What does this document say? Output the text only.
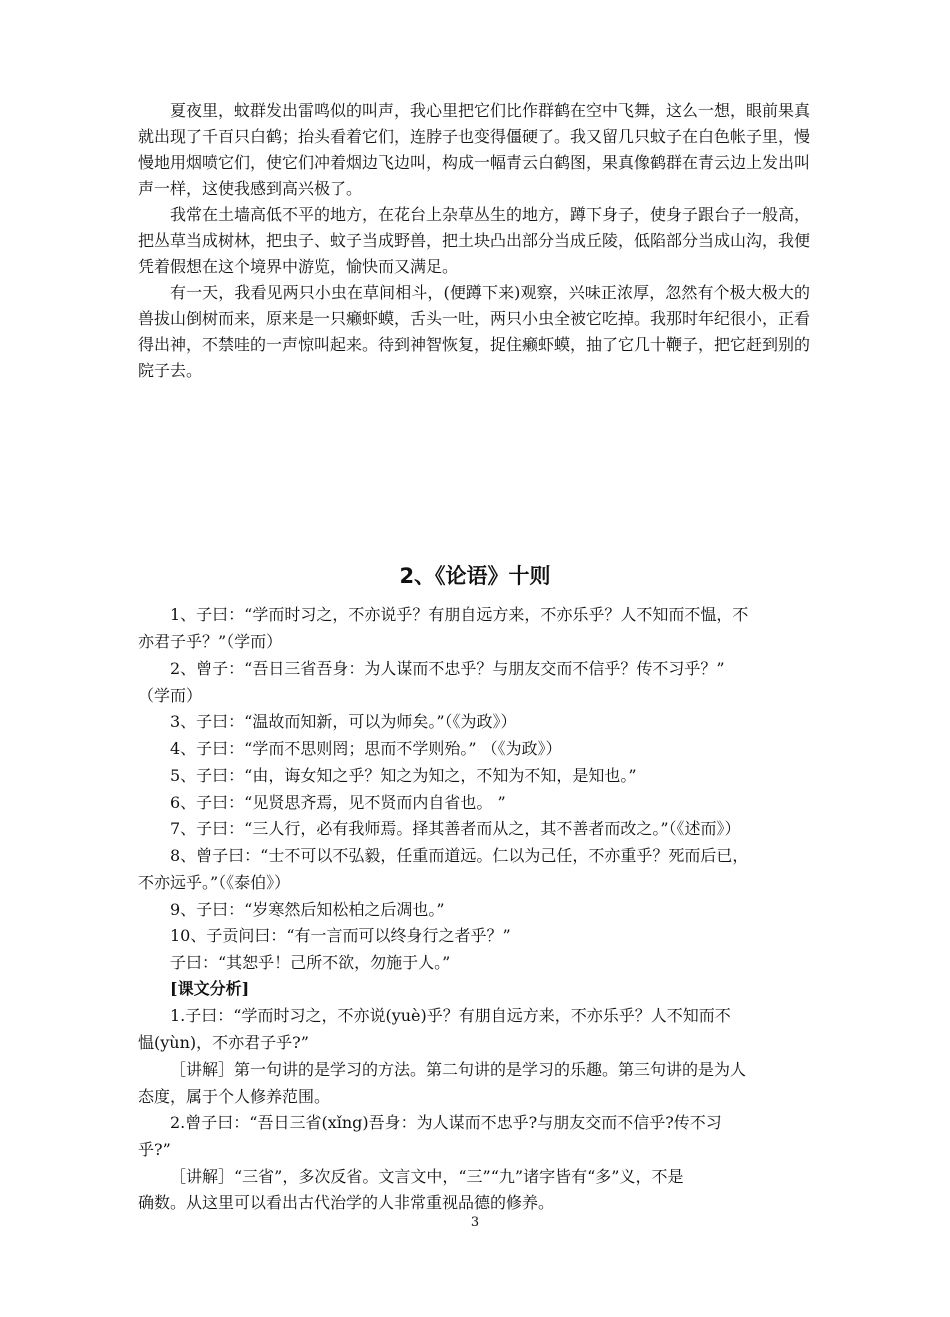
夏夜里，蚊群发出雷鸣似的叫声，我心里把它们比作群鹤在空中飞舞，这么一想，眼前果真就出现了千百只白鹤；抬头看着它们，连脖子也变得僵硬了。我又留几只蚊子在白色帐子里，慢慢地用烟喷它们，使它们冲着烟边飞边叫，构成一幅青云白鹤图，果真像鹤群在青云边上发出叫声一样，这使我感到高兴极了。

我常在土墙高低不平的地方，在花台上杂草丛生的地方，蹲下身子，使身子跟台子一般高，把丛草当成树林，把虫子、蚊子当成野兽，把土块凸出部分当成丘陵，低陷部分当成山沟，我便凭着假想在这个境界中游览，愉快而又满足。

有一天，我看见两只小虫在草间相斗，(便蹲下来)观察，兴味正浓厚，忽然有个极大极大的兽拔山倒树而来，原来是一只癞虾蟆，舌头一吐，两只小虫全被它吃掉。我那时年纪很小，正看得出神，不禁哇的一声惊叫起来。待到神智恢复，捉住癞虾蟆，抽了它几十鞭子，把它赶到别的院子去。

2、《论语》十则

1、子曰：“学而时习之，不亦说乎？有朋自远方来，不亦乐乎？人不知而不愠，不

亦君子乎？”（学而）

2、曾子：“吾日三省吾身：为人谋而不忠乎？与朋友交而不信乎？传不习乎？”

（学而）

3、子曰：“温故而知新，可以为师矣。”（《为政》）

4、子曰：“学而不思则罔；思而不学则殆。” （《为政》）

5、子曰：“由，诲女知之乎？知之为知之，不知为不知，是知也。”

6、子曰：“见贤思齐焉，见不贤而内自省也。 ”

7、子曰：“三人行，必有我师焉。择其善者而从之，其不善者而改之。”（《述而》）

8、曾子曰：“士不可以不弘毅，任重而道远。仁以为己任，不亦重乎？死而后已，

不亦远乎。”（《泰伯》）

9、子曰：“岁寒然后知松柏之后凋也。”

10、子贡问曰：“有一言而可以终身行之者乎？”

子曰：“其恕乎！己所不欲，勿施于人。”

[课文分析]

1.子曰：“学而时习之，不亦说(yuè)乎？有朋自远方来，不亦乐乎？人不知而不

愠(yùn)，不亦君子乎?”

［讲解］第一句讲的是学习的方法。第二句讲的是学习的乐趣。第三句讲的是为人

态度，属于个人修养范围。

2.曾子曰：“吾日三省(xǐng)吾身：为人谋而不忠乎?与朋友交而不信乎?传不习

乎?”

［讲解］“三省”，多次反省。文言文中，“三”“九”诸字皆有“多”义，不是

确数。从这里可以看出古代治学的人非常重视品德的修养。

3
